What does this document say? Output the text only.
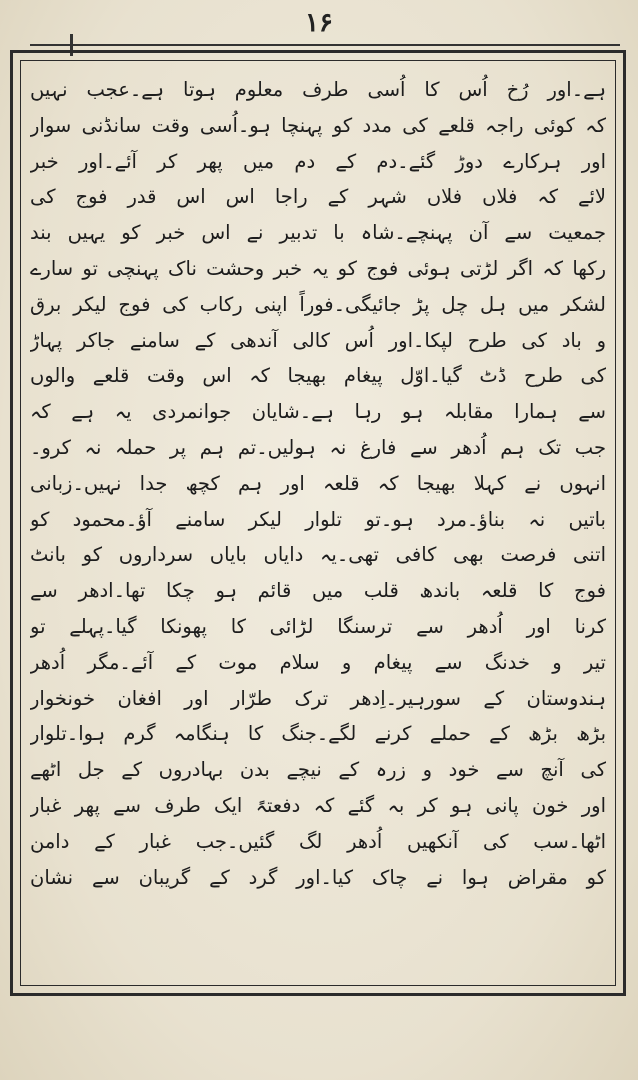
۱۶
ہے۔اور رُخ اُس کا اُسی طرف معلوم ہوتا ہے۔عجب نہیں
کہ کوئی راجہ قلعے کی مدد کو پہنچا ہو۔اُسی وقت سانڈنی سوار
اور ہرکارے دوڑ گئے۔دم کے دم میں پھر کر آئے۔اور خبر
لائے کہ فلاں فلاں شہر کے راجا اس اس قدر فوج کی
جمعیت سے آن پہنچے۔شاہ با تدبیر نے اس خبر کو یہیں بند
رکھا کہ اگر لڑتی ہوئی فوج کو یہ خبر وحشت ناک پہنچی تو سارے
لشکر میں ہل چل پڑ جائیگی۔فوراً اپنی رکاب کی فوج لیکر برق
و باد کی طرح لپکا۔اور اُس کالی آندھی کے سامنے جاکر پہاڑ
کی طرح ڈٹ گیا۔اوّل پیغام بھیجا کہ اس وقت قلعے والوں
سے ہمارا مقابلہ ہو رہا ہے۔شایان جوانمردی یہ ہے کہ
جب تک ہم اُدھر سے فارغ نہ ہولیں۔تم ہم پر حملہ نہ کرو۔
انہوں نے کہلا بھیجا کہ قلعہ اور ہم کچھ جدا نہیں۔زبانی
باتیں نہ بناؤ۔مرد ہو۔تو تلوار لیکر سامنے آؤ۔محمود کو
اتنی فرصت بھی کافی تھی۔یہ دایاں بایاں سرداروں کو بانٹ
فوج کا قلعہ باندھ قلب میں قائم ہو چکا تھا۔ادھر سے
کرنا اور اُدھر سے ترسنگا لڑائی کا پھونکا گیا۔پہلے تو
تیر و خدنگ سے پیغام و سلام موت کے آئے۔مگر اُدھر
ہندوستان کے سورہیر۔اِدھر ترک طرّار اور افغان خونخوار
بڑھ بڑھ کے حملے کرنے لگے۔جنگ کا ہنگامہ گرم ہوا۔تلوار
کی آنچ سے خود و زرہ کے نیچے بدن بہادروں کے جل اٹھے
اور خون پانی ہو کر بہ گئے کہ دفعتہً ایک طرف سے پھر غبار
اٹھا۔سب کی آنکھیں اُدھر لگ گئیں۔جب غبار کے دامن
کو مقراض ہوا نے چاک کیا۔اور گرد کے گریبان سے نشان
